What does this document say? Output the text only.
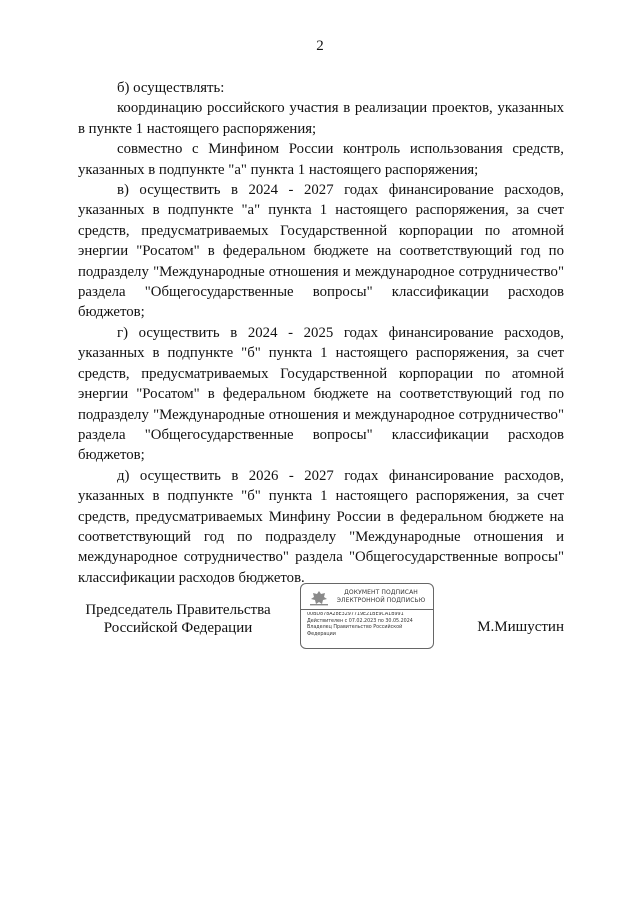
2

б) осуществлять:

координацию российского участия в реализации проектов, указанных в пункте 1 настоящего распоряжения;

совместно с Минфином России контроль использования средств, указанных в подпункте "а" пункта 1 настоящего распоряжения;

в) осуществить в 2024 - 2027 годах финансирование расходов, указанных в подпункте "а" пункта 1 настоящего распоряжения, за счет средств, предусматриваемых Государственной корпорации по атомной энергии "Росатом" в федеральном бюджете на соответствующий год по подразделу "Международные отношения и международное сотрудничество" раздела "Общегосударственные вопросы" классификации расходов бюджетов;

г) осуществить в 2024 - 2025 годах финансирование расходов, указанных в подпункте "б" пункта 1 настоящего распоряжения, за счет средств, предусматриваемых Государственной корпорации по атомной энергии "Росатом" в федеральном бюджете на соответствующий год по подразделу "Международные отношения и международное сотрудничество" раздела "Общегосударственные вопросы" классификации расходов бюджетов;

д) осуществить в 2026 - 2027 годах финансирование расходов, указанных в подпункте "б" пункта 1 настоящего распоряжения, за счет средств, предусматриваемых Минфину России в федеральном бюджете на соответствующий год по подразделу "Международные отношения и международное сотрудничество" раздела "Общегосударственные вопросы" классификации расходов бюджетов.

Председатель Правительства
Российской Федерации
ДОКУМЕНТ ПОДПИСАН
ЭЛЕКТРОННОЙ ПОДПИСЬЮ
00BD878A28E3297719E21BE9CA1B991
Действителен с 07.02.2023 по 30.05.2024
Владелец Правительство Российской
Федерации	М.Мишустин
